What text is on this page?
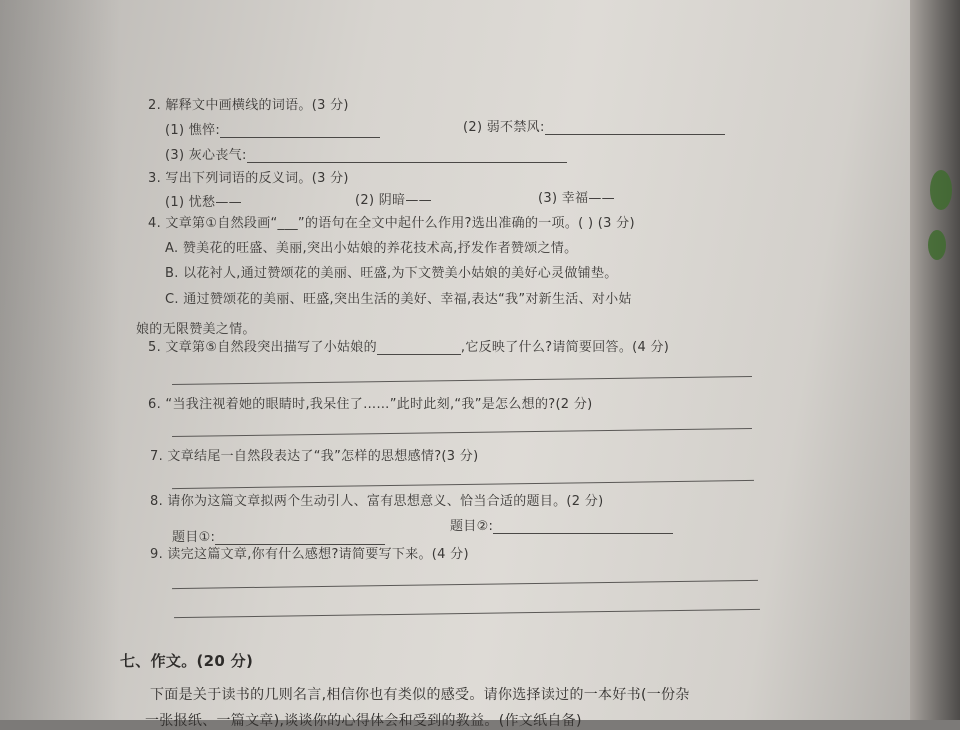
2. 解释文中画横线的词语。(3 分)
(1) 憔悴:	(2) 弱不禁风:
(3) 灰心丧气:
3. 写出下列词语的反义词。(3 分)
(1) 忧愁——	(2) 阴暗——	(3) 幸福——
4. 文章第①自然段画“___”的语句在全文中起什么作用?选出准确的一项。( ) (3 分)
A. 赞美花的旺盛、美丽,突出小姑娘的养花技术高,抒发作者赞颂之情。
B. 以花衬人,通过赞颂花的美丽、旺盛,为下文赞美小姑娘的美好心灵做铺垫。
C. 通过赞颂花的美丽、旺盛,突出生活的美好、幸福,表达“我”对新生活、对小姑
娘的无限赞美之情。
5. 文章第⑤自然段突出描写了小姑娘的	,它反映了什么?请简要回答。(4 分)
6. “当我注视着她的眼睛时,我呆住了……”此时此刻,“我”是怎么想的?(2 分)
7. 文章结尾一自然段表达了“我”怎样的思想感情?(3 分)
8. 请你为这篇文章拟两个生动引人、富有思想意义、恰当合适的题目。(2 分)
题目①:
题目②:
9. 读完这篇文章,你有什么感想?请简要写下来。(4 分)
七、作文。(20 分)
下面是关于读书的几则名言,相信你也有类似的感受。请你选择读过的一本好书(一份杂
一张报纸、一篇文章),谈谈你的心得体会和受到的教益。(作文纸自备)
